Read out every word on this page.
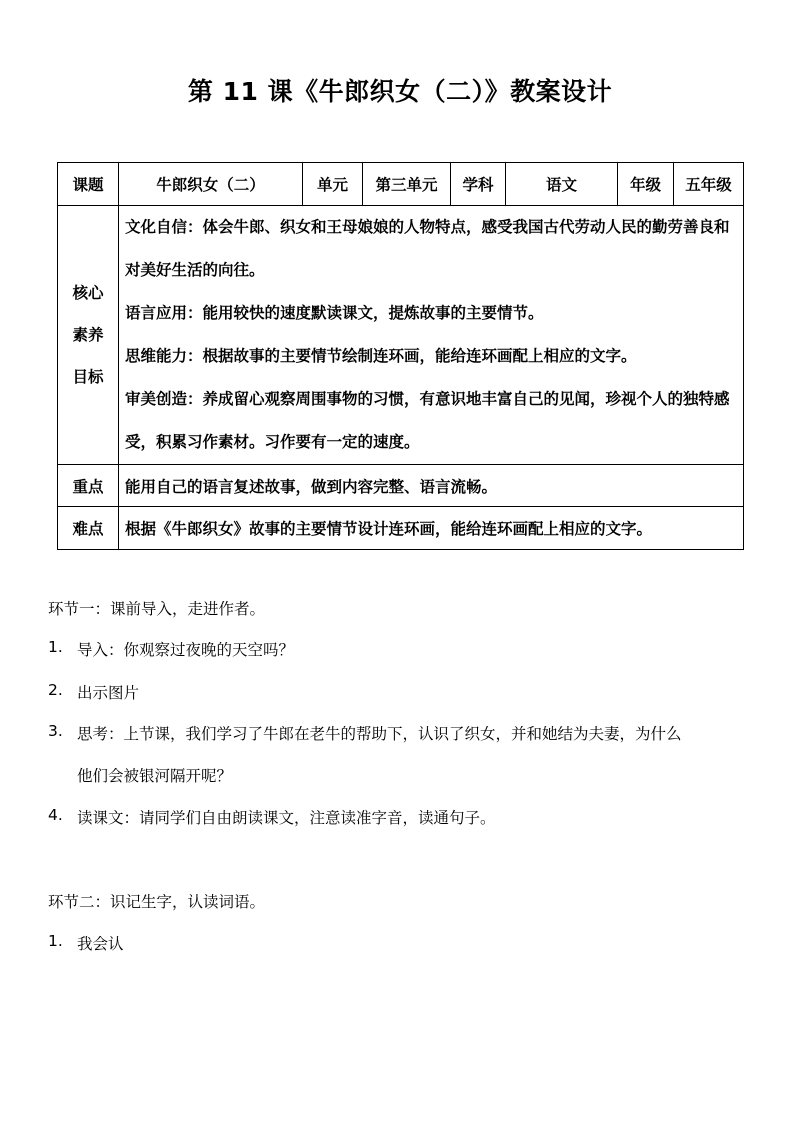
第 11 课《牛郎织女（二）》教案设计
课题	牛郎织女（二）	单元	第三单元	学科	语文	年级	五年级

核心
素养
目标	文化自信：体会牛郎、织女和王母娘娘的人物特点，感受我国古代劳动人民的勤劳善良和对美好生活的向往。
语言应用：能用较快的速度默读课文，提炼故事的主要情节。
思维能力：根据故事的主要情节绘制连环画，能给连环画配上相应的文字。
审美创造：养成留心观察周围事物的习惯，有意识地丰富自己的见闻，珍视个人的独特感受，积累习作素材。习作要有一定的速度。						

重点	能用自己的语言复述故事，做到内容完整、语言流畅。						
难点	根据《牛郎织女》故事的主要情节设计连环画，能给连环画配上相应的文字。						
环节一：课前导入，走进作者。
1. 导入：你观察过夜晚的天空吗？
2. 出示图片
3. 思考：上节课，我们学习了牛郎在老牛的帮助下，认识了织女，并和她结为夫妻，为什么
他们会被银河隔开呢？
4. 读课文：请同学们自由朗读课文，注意读准字音，读通句子。
环节二：识记生字，认读词语。
1. 我会认
